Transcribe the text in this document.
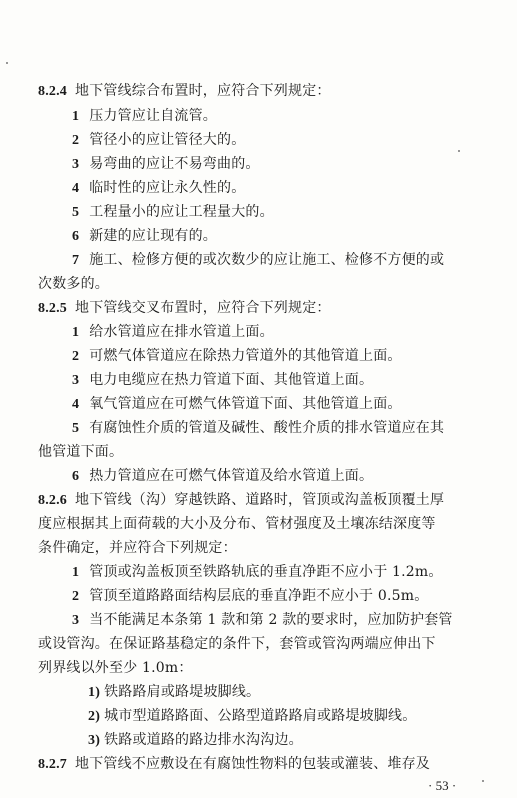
8.2.4 地下管线综合布置时，应符合下列规定：
1 压力管应让自流管。
2 管径小的应让管径大的。
3 易弯曲的应让不易弯曲的。
4 临时性的应让永久性的。
5 工程量小的应让工程量大的。
6 新建的应让现有的。
7 施工、检修方便的或次数少的应让施工、检修不方便的或
次数多的。
8.2.5 地下管线交叉布置时，应符合下列规定：
1 给水管道应在排水管道上面。
2 可燃气体管道应在除热力管道外的其他管道上面。
3 电力电缆应在热力管道下面、其他管道上面。
4 氧气管道应在可燃气体管道下面、其他管道上面。
5 有腐蚀性介质的管道及碱性、酸性介质的排水管道应在其
他管道下面。
6 热力管道应在可燃气体管道及给水管道上面。
8.2.6 地下管线（沟）穿越铁路、道路时，管顶或沟盖板顶覆土厚
度应根据其上面荷载的大小及分布、管材强度及土壤冻结深度等
条件确定，并应符合下列规定：
1 管顶或沟盖板顶至铁路轨底的垂直净距不应小于 1.2m。
2 管顶至道路路面结构层底的垂直净距不应小于 0.5m。
3 当不能满足本条第 1 款和第 2 款的要求时，应加防护套管
或设管沟。在保证路基稳定的条件下，套管或管沟两端应伸出下
列界线以外至少 1.0m：
1) 铁路路肩或路堤坡脚线。
2) 城市型道路路面、公路型道路路肩或路堤坡脚线。
3) 铁路或道路的路边排水沟沟边。
8.2.7 地下管线不应敷设在有腐蚀性物料的包装或灌装、堆存及
· 53 ·
